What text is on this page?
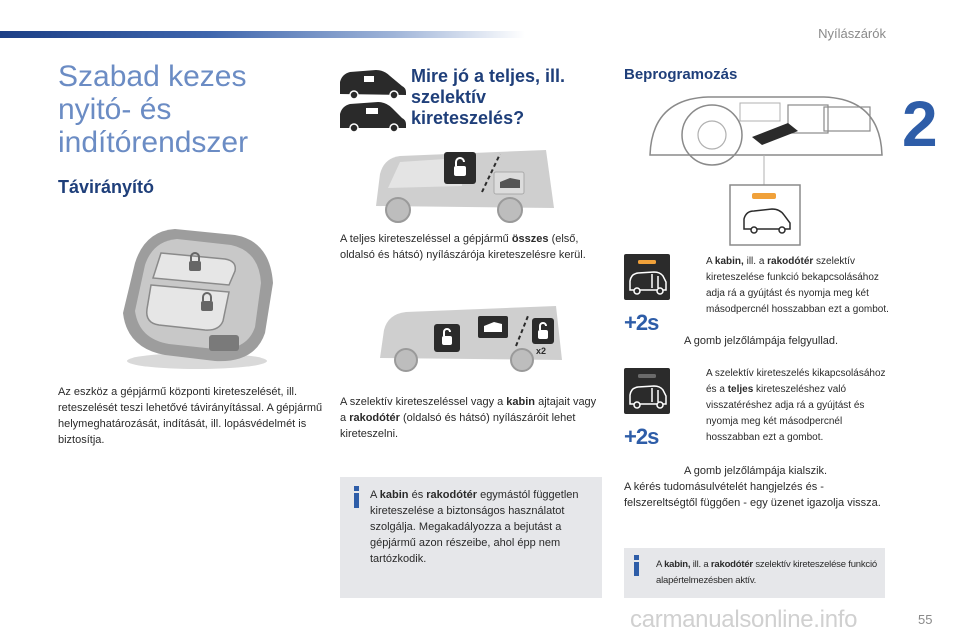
Nyílászárók
2
Szabad kezes nyitó- és indítórendszer
Távirányító

Az eszköz a gépjármű központi kireteszelését, ill. reteszelését teszi lehetővé távirányítással. A gépjármű helymeghatározását, indítását, ill. lopásvédelmét is biztosítja.

Mire jó a teljes, ill. szelektív kireteszelés?

A teljes kireteszeléssel a gépjármű összes (első, oldalsó és hátsó) nyílászárója kireteszelésre kerül.

x2

A szelektív kireteszeléssel vagy a kabin ajtajait vagy a rakodótér (oldalsó és hátsó) nyílászáróit lehet kireteszelni.

A kabin és rakodótér egymástól független kireteszelése a biztonságos használatot szolgálja. Megakadályozza a bejutást a gépjármű azon részeibe, ahol épp nem tartózkodik.

Beprogramozás
+2s
A kabin, ill. a rakodótér szelektív kireteszelése funkció bekapcsolásához adja rá a gyújtást és nyomja meg két másodpercnél hosszabban ezt a gombot.

A gomb jelzőlámpája felgyullad.

+2s
A szelektív kireteszelés kikapcsolásához és a teljes kireteszeléshez való visszatéréshez adja rá a gyújtást és nyomja meg két másodpercnél hosszabban ezt a gombot.

A gomb jelzőlámpája kialszik.

A kérés tudomásulvételét hangjelzés és - felszereltségtől függően - egy üzenet igazolja vissza.

A kabin, ill. a rakodótér szelektív kireteszelése funkció alapértelmezésben aktív.

carmanualsonline.info	55
